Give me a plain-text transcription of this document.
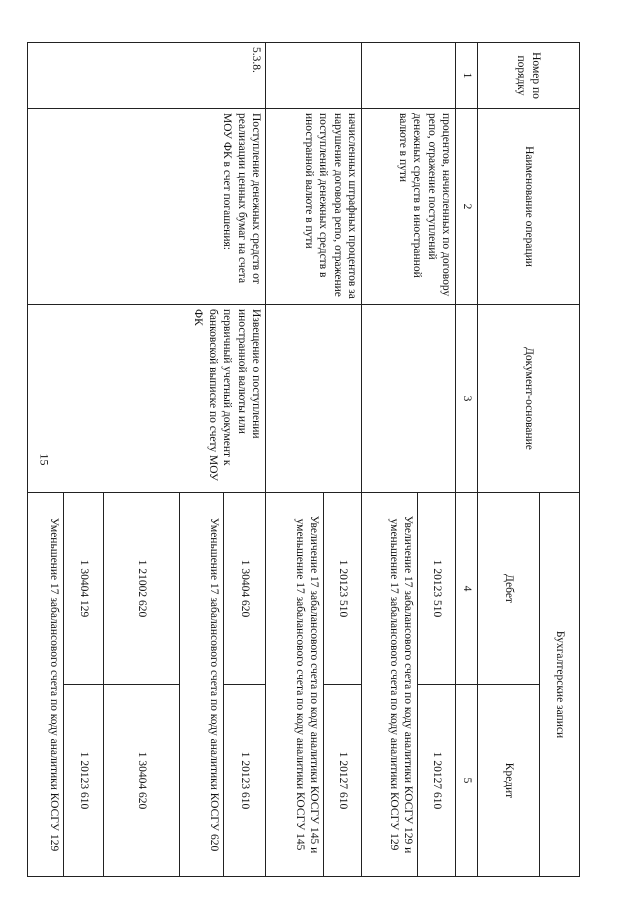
15
Номер по порядку	Наименование операции	Документ-основание	Бухгалтерские записи	
			Дебет	Кредит
1	2	3	4	5
	процентов, начисленных по договору репо, отражение поступлений денежных средств в иностранной валюте в пути		1 20123 510	1 20127 610
			Увеличение 17 забалансового счета по коду аналитики КОСГУ 129 и уменьшение 17 забалансового счета по коду аналитики КОСГУ 129	
	начисленных штрафных процентов за нарушение договора репо, отражение поступлений денежных средств в иностранной валюте в пути		1 20123 510	1 20127 610
			Увеличение 17 забалансового счета по коду аналитики КОСГУ 145 и уменьшение 17 забалансового счета по коду аналитики КОСГУ 145	
5.3.8.	Поступление денежных средств от реализации ценных бумаг на счета МОУ ФК в счет погашения:	Извещение о поступлении иностранной валюты или первичный учетный документ к банковской выписке по счету МОУ ФК	1 30404 620	1 20123 610
			Уменьшение 17 забалансового счета по коду аналитики КОСГУ 620	
			1 21002 620	1 30404 620
			1 30404 129	1 20123 610
			Уменьшение 17 забалансового счета по коду аналитики КОСГУ 129	
